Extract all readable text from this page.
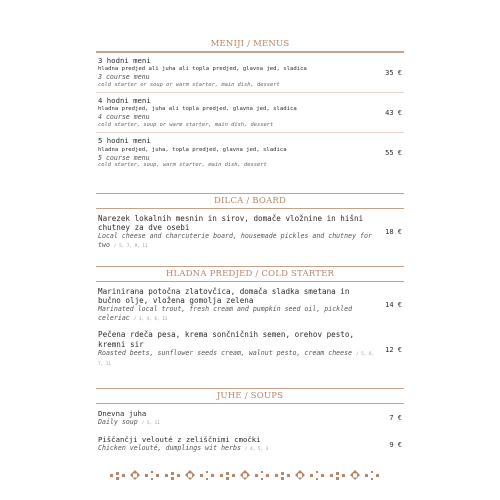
MENIJI / MENUS
3 hodni meni
hladna predjed ali juha ali topla predjed, glavna jed, sladica
3 course menu
cold starter or soup or warm starter, main dish, dessert
35 €
4 hodni meni
hladna predjed, juha ali topla predjed, glavna jed, sladica
4 course menu
cold starter, soup or warm starter, main dish, dessert
43 €
5 hodni meni
hladna predjed, juha, topla predjed, glavna jed, sladica
5 course menu
cold starter, soup, warm starter, main dish, dessert
55 €
DILCA / BOARD
Narezek lokalnih mesnin in sirov, domače vložnine in hišni chutney za dve osebi
Local cheese and charcuterie board, housemade pickles and chutney for two / 5, 7, 9, 11
18 €
HLADNA PREDJED / COLD STARTER
Marinirana potočna zlatovčica, domača sladka smetana in bučno olje, vložena gomolja zelena
Marinated local trout, fresh cream and pumpkin seed oil, pickled celeriac / 3, 4, 6, 11
14 €
Pečena rdeča pesa, krema sončničnih semen, orehov pesto, kremni sir
Roasted beets, sunflower seeds cream, walnut pesto, cream cheese / 5, 6, 7, 11
12 €
JUHE / SOUPS
Dnevna juha
Daily soup / 5, 11
7 €
Piščančji velouté z zeliščnimi cmočki
Chicken velouté, dumplings wit herbs / 4, 5, 3
9 €
